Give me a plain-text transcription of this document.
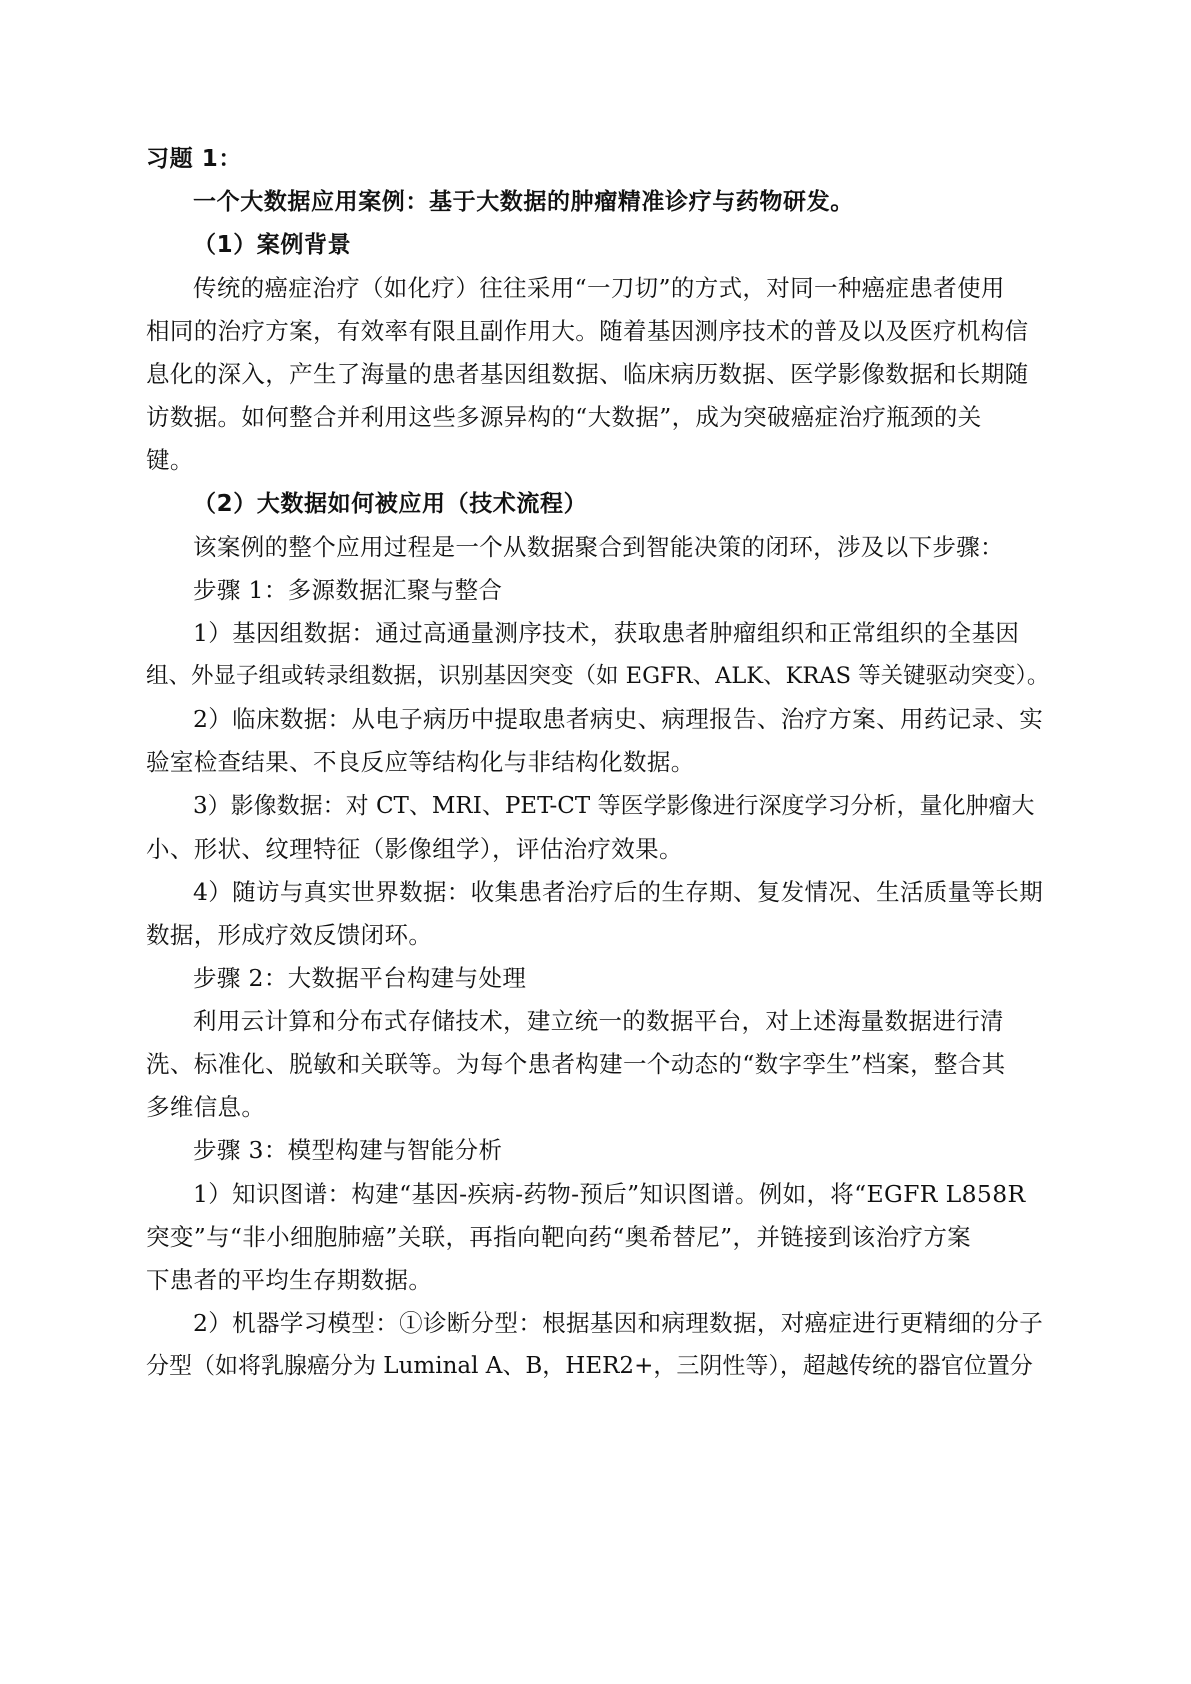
习题 1：
一个大数据应用案例：基于大数据的肿瘤精准诊疗与药物研发。
（1）案例背景
传统的癌症治疗（如化疗）往往采用“一刀切”的方式，对同一种癌症患者使用
相同的治疗方案，有效率有限且副作用大。随着基因测序技术的普及以及医疗机构信
息化的深入，产生了海量的患者基因组数据、临床病历数据、医学影像数据和长期随
访数据。如何整合并利用这些多源异构的“大数据”，成为突破癌症治疗瓶颈的关
键。
（2）大数据如何被应用（技术流程）
该案例的整个应用过程是一个从数据聚合到智能决策的闭环，涉及以下步骤：
步骤 1：多源数据汇聚与整合
1）基因组数据：通过高通量测序技术，获取患者肿瘤组织和正常组织的全基因
组、外显子组或转录组数据，识别基因突变（如 EGFR、ALK、KRAS 等关键驱动突变）。
2）临床数据：从电子病历中提取患者病史、病理报告、治疗方案、用药记录、实
验室检查结果、不良反应等结构化与非结构化数据。
3）影像数据：对 CT、MRI、PET-CT 等医学影像进行深度学习分析，量化肿瘤大
小、形状、纹理特征（影像组学），评估治疗效果。
4）随访与真实世界数据：收集患者治疗后的生存期、复发情况、生活质量等长期
数据，形成疗效反馈闭环。
步骤 2：大数据平台构建与处理
利用云计算和分布式存储技术，建立统一的数据平台，对上述海量数据进行清
洗、标准化、脱敏和关联等。为每个患者构建一个动态的“数字孪生”档案，整合其
多维信息。
步骤 3：模型构建与智能分析
1）知识图谱：构建“基因-疾病-药物-预后”知识图谱。例如，将“EGFR L858R
突变”与“非小细胞肺癌”关联，再指向靶向药“奥希替尼”，并链接到该治疗方案
下患者的平均生存期数据。
2）机器学习模型：①诊断分型：根据基因和病理数据，对癌症进行更精细的分子
分型（如将乳腺癌分为 Luminal A、B，HER2+，三阴性等），超越传统的器官位置分
